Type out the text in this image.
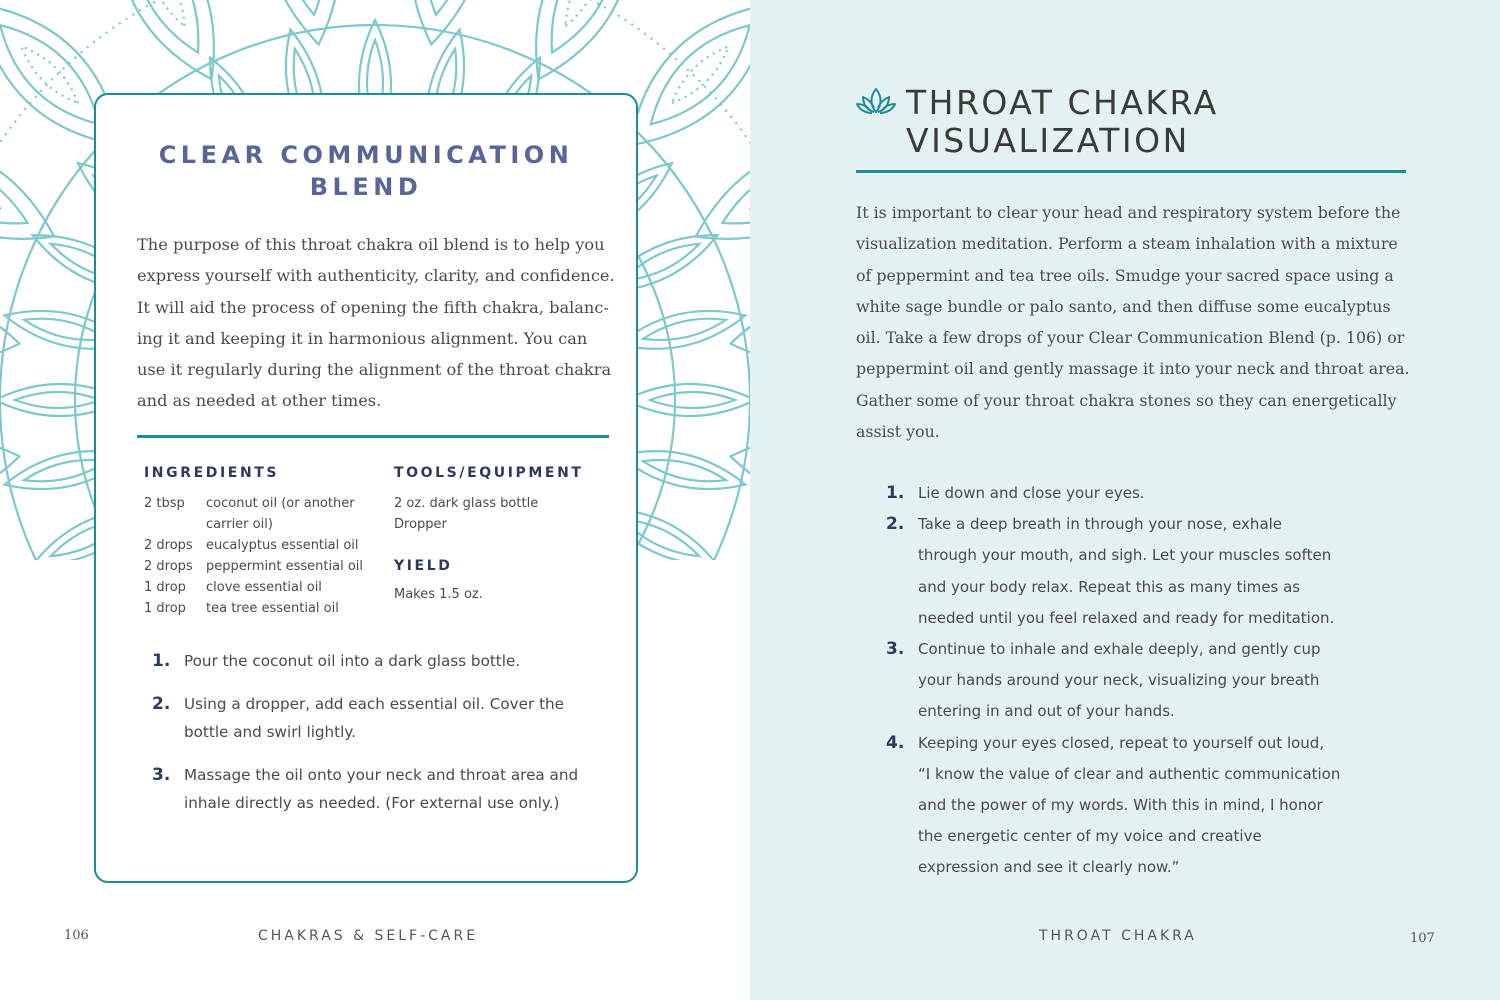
CLEAR COMMUNICATION
BLEND
The purpose of this throat chakra oil blend is to help you
express yourself with authenticity, clarity, and confidence.
It will aid the process of opening the fifth chakra, balanc-
ing it and keeping it in harmonious alignment. You can
use it regularly during the alignment of the throat chakra
and as needed at other times.
INGREDIENTS
2 tbsp	coconut oil (or another carrier oil)
2 drops	eucalyptus essential oil
2 drops	peppermint essential oil
1 drop	clove essential oil
1 drop	tea tree essential oil
TOOLS/EQUIPMENT
2 oz. dark glass bottle
Dropper
YIELD
Makes 1.5 oz.
1. Pour the coconut oil into a dark glass bottle.
2. Using a dropper, add each essential oil. Cover the bottle and swirl lightly.
3. Massage the oil onto your neck and throat area and inhale directly as needed. (For external use only.)
106	CHAKRAS & SELF-CARE
THROAT CHAKRA
VISUALIZATION
It is important to clear your head and respiratory system before the
visualization meditation. Perform a steam inhalation with a mixture
of peppermint and tea tree oils. Smudge your sacred space using a
white sage bundle or palo santo, and then diffuse some eucalyptus
oil. Take a few drops of your Clear Communication Blend (p. 106) or
peppermint oil and gently massage it into your neck and throat area.
Gather some of your throat chakra stones so they can energetically
assist you.
1. Lie down and close your eyes.
2. Take a deep breath in through your nose, exhale
through your mouth, and sigh. Let your muscles soften
and your body relax. Repeat this as many times as
needed until you feel relaxed and ready for meditation.
3. Continue to inhale and exhale deeply, and gently cup
your hands around your neck, visualizing your breath
entering in and out of your hands.
4. Keeping your eyes closed, repeat to yourself out loud,
“I know the value of clear and authentic communication
and the power of my words. With this in mind, I honor
the energetic center of my voice and creative
expression and see it clearly now.”
THROAT CHAKRA	107
